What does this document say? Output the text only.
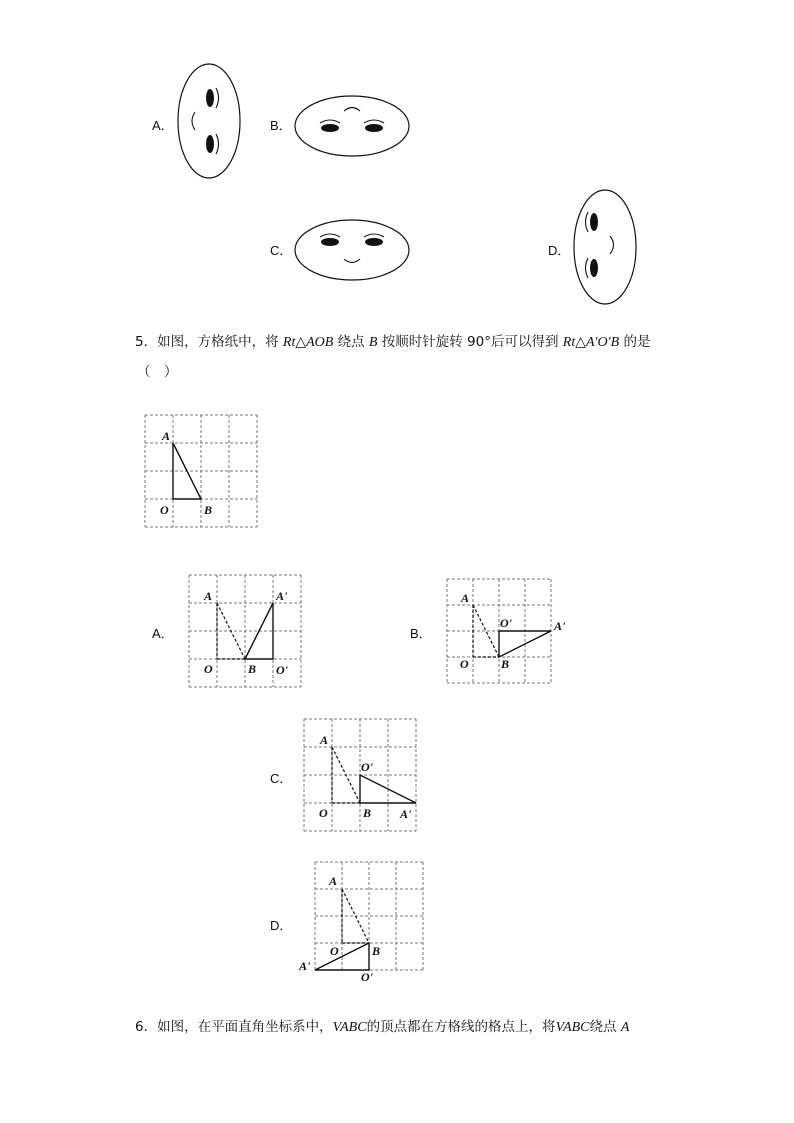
A．	B．
C．	D．
5．如图，方格纸中，将 Rt△AOB 绕点 B 按顺时针旋转 90°后可以得到 Rt△A'O'B 的是
（　）
A
O	B
A．
A	A'
O	B O'
B．
A
O'	A'
O	B
C．
A
O'
O	B A'
D．
A
O	B
A'
O'
6．如图，在平面直角坐标系中，VABC的顶点都在方格线的格点上，将VABC绕点 A
